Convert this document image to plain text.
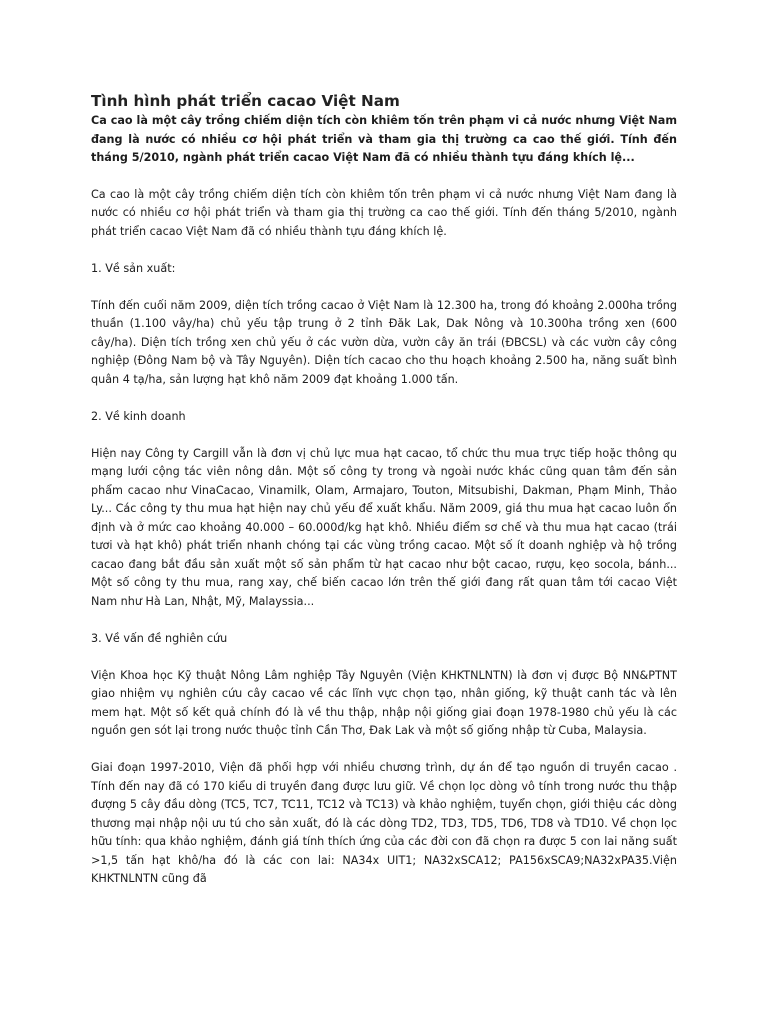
Tình hình phát triển cacao Việt Nam

Ca cao là một cây trồng chiếm diện tích còn khiêm tốn trên phạm vi cả nước nhưng Việt Nam đang là nước có nhiều cơ hội phát triển và tham gia thị trường ca cao thế giới. Tính đến tháng 5/2010, ngành phát triển cacao Việt Nam đã có nhiều thành tựu đáng khích lệ...

Ca cao là một cây trồng chiếm diện tích còn khiêm tốn trên phạm vi cả nước nhưng Việt Nam đang là nước có nhiều cơ hội phát triển và tham gia thị trường ca cao thế giới. Tính đến tháng 5/2010, ngành phát triển cacao Việt Nam đã có nhiều thành tựu đáng khích lệ.

1. Về sản xuất:

Tính đến cuối năm 2009, diện tích trồng cacao ở Việt Nam là 12.300 ha, trong đó khoảng 2.000ha trồng thuần (1.100 vây/ha) chủ yếu tập trung ở 2 tỉnh Đăk Lak, Dak Nông và 10.300ha trồng xen (600 cây/ha). Diện tích trồng xen chủ yếu ở các vườn dừa, vườn cây ăn trái (ĐBCSL) và các vườn cây công nghiệp (Đông Nam bộ và Tây Nguyên). Diện tích cacao cho thu hoạch khoảng 2.500 ha, năng suất bình quân 4 tạ/ha, sản lượng hạt khô năm 2009 đạt khoảng 1.000 tấn.

2. Về kinh doanh

Hiện nay Công ty Cargill vẫn là đơn vị chủ lực mua hạt cacao, tổ chức thu mua trực tiếp hoặc thông qu mạng lưới cộng tác viên nông dân. Một số công ty trong và ngoài nước khác cũng quan tâm đến sản phẩm cacao như VinaCacao, Vinamilk, Olam, Armajaro, Touton, Mitsubishi, Dakman, Phạm Minh, Thảo Ly... Các công ty thu mua hạt hiện nay chủ yếu để xuất khẩu. Năm 2009, giá thu mua hạt cacao luôn ổn định và ở mức cao khoảng 40.000 – 60.000đ/kg hạt khô. Nhiều điểm sơ chế và thu mua hạt cacao (trái tươi và hạt khô) phát triển nhanh chóng tại các vùng trồng cacao. Một số ít doanh nghiệp và hộ trồng cacao đang bắt đầu sản xuất một số sản phẩm từ hạt cacao như bột cacao, rượu, kẹo socola, bánh... Một số công ty thu mua, rang xay, chế biến cacao lớn trên thế giới đang rất quan tâm tới cacao Việt Nam như Hà Lan, Nhật, Mỹ, Malayssia...

3. Về vấn đề nghiên cứu

Viện Khoa học Kỹ thuật Nông Lâm nghiệp Tây Nguyên (Viện KHKTNLNTN) là đơn vị được Bộ NN&PTNT giao nhiệm vụ nghiên cứu cây cacao về các lĩnh vực chọn tạo, nhân giống, kỹ thuật canh tác và lên mem hạt. Một số kết quả chính đó là về thu thập, nhập nội giống giai đoạn 1978-1980 chủ yếu là các nguồn gen sót lại trong nước thuộc tỉnh Cần Thơ, Đak Lak và một số giống nhập từ Cuba, Malaysia.

Giai đoạn 1997-2010, Viện đã phối hợp với nhiều chương trình, dự án để tạo nguồn di truyền cacao . Tính đến nay đã có 170 kiểu di truyền đang được lưu giữ. Về chọn lọc dòng vô tính trong nước thu thập đượng 5 cây đầu dòng (TC5, TC7, TC11, TC12 và TC13) và khảo nghiệm, tuyển chọn, giới thiệu các dòng thương mại nhập nội ưu tú cho sản xuất, đó là các dòng TD2, TD3, TD5, TD6, TD8 và TD10. Về chọn lọc hữu tính: qua khảo nghiệm, đánh giá tính thích ứng của các đời con đã chọn ra được 5 con lai năng suất >1,5 tấn hạt khô/ha đó là các con lai: NA34x UIT1; NA32xSCA12; PA156xSCA9;NA32xPA35.Viện KHKTNLNTN cũng đã
